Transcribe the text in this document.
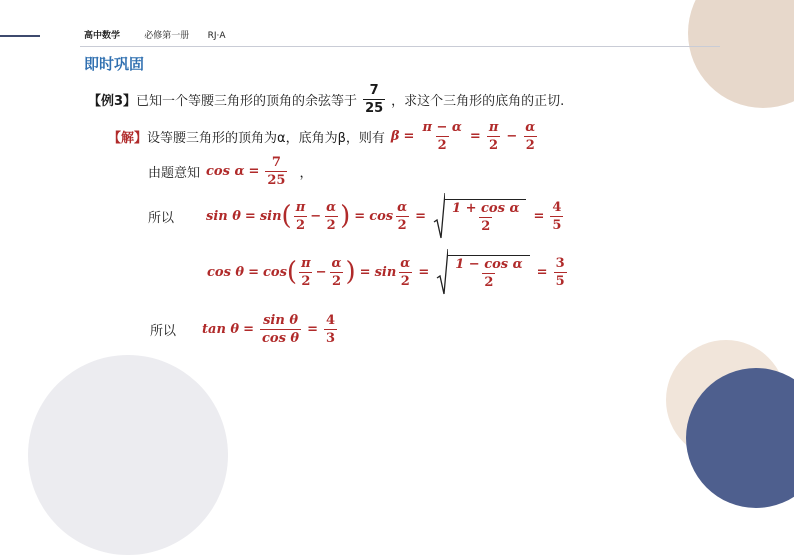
高中数学	必修第一册 RJ·A
即时巩固
【例3】 已知一个等腰三角形的顶角的余弦等于 $\frac{7}{25}$ ，求这个三角形的底角的正切.
【解】 设等腰三角形的顶角为α，底角为β，则有 $\beta = \frac{\pi - \alpha}{2} = \frac{\pi}{2} - \frac{\alpha}{2}$
由题意知 $\cos \alpha = \frac{7}{25}$ ，
所以 sin θ = sin ( $\frac{\pi}{2} - \frac{\alpha}{2}$ ) = $\cos \frac{\alpha}{2} = \frac{\text{1 + cos α}}{2} = \frac{4}{5}$
cos θ = cos ( $\frac{\pi}{2} - \frac{\alpha}{2}$ ) = $\sin \frac{\alpha}{2} = \frac{\text{1 − cos α}}{2} = \frac{3}{5}$
所以 $\tan \theta = \frac{\text{sin θ}}{\text{cos θ}} = \frac{4}{3}$
